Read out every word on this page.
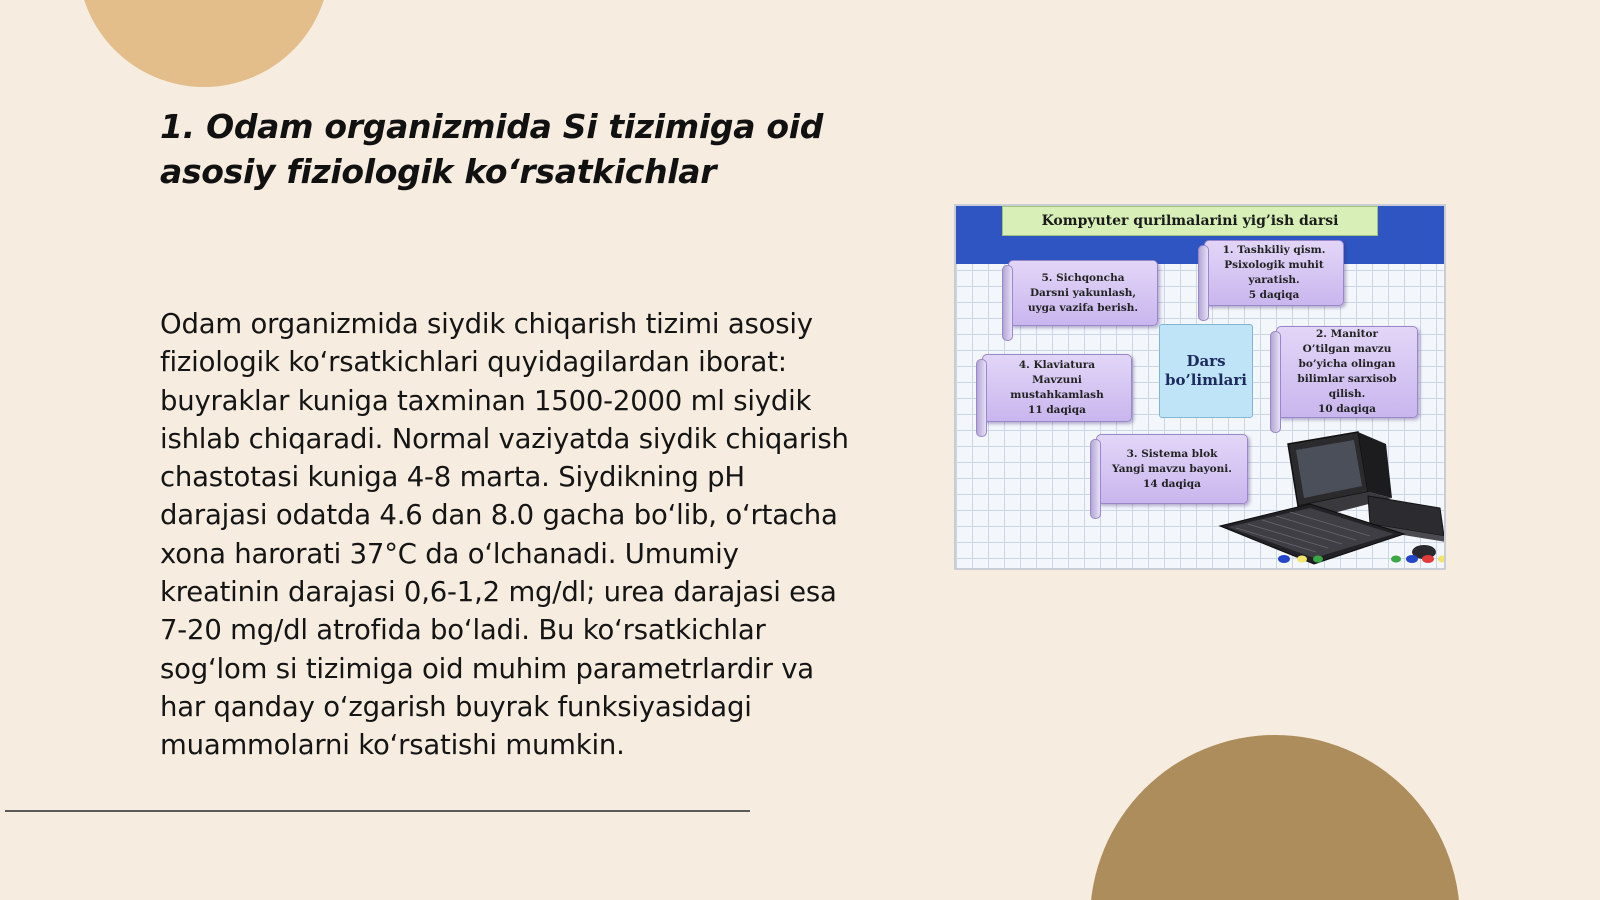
1. Odam organizmida Si tizimiga oid asosiy fiziologik ko‘rsatkichlar

Odam organizmida siydik chiqarish tizimi asosiy fiziologik ko‘rsatkichlari quyidagilardan iborat: buyraklar kuniga taxminan 1500-2000 ml siydik ishlab chiqaradi. Normal vaziyatda siydik chiqarish chastotasi kuniga 4-8 marta. Siydikning pH darajasi odatda 4.6 dan 8.0 gacha bo‘lib, o‘rtacha xona harorati 37°C da o‘lchanadi. Umumiy kreatinin darajasi 0,6-1,2 mg/dl; urea darajasi esa 7-20 mg/dl atrofida bo‘ladi. Bu ko‘rsatkichlar sog‘lom si tizimiga oid muhim parametrlardir va har qanday o‘zgarish buyrak funksiyasidagi muammolarni ko‘rsatishi mumkin.

Kompyuter qurilmalarini yig’ish darsi
1. Tashkiliy qism.
Psixologik muhit
yaratish.
5 daqiqa
5. Sichqoncha
Darsni yakunlash,
uyga vazifa berish.
Dars
bo’limlari
4. Klaviatura
Mavzuni
mustahkamlash
11 daqiqa
2. Manitor
O’tilgan mavzu
bo’yicha olingan
bilimlar sarxisob
qilish.
10 daqiqa
3. Sistema blok
Yangi mavzu bayoni.
14 daqiqa
